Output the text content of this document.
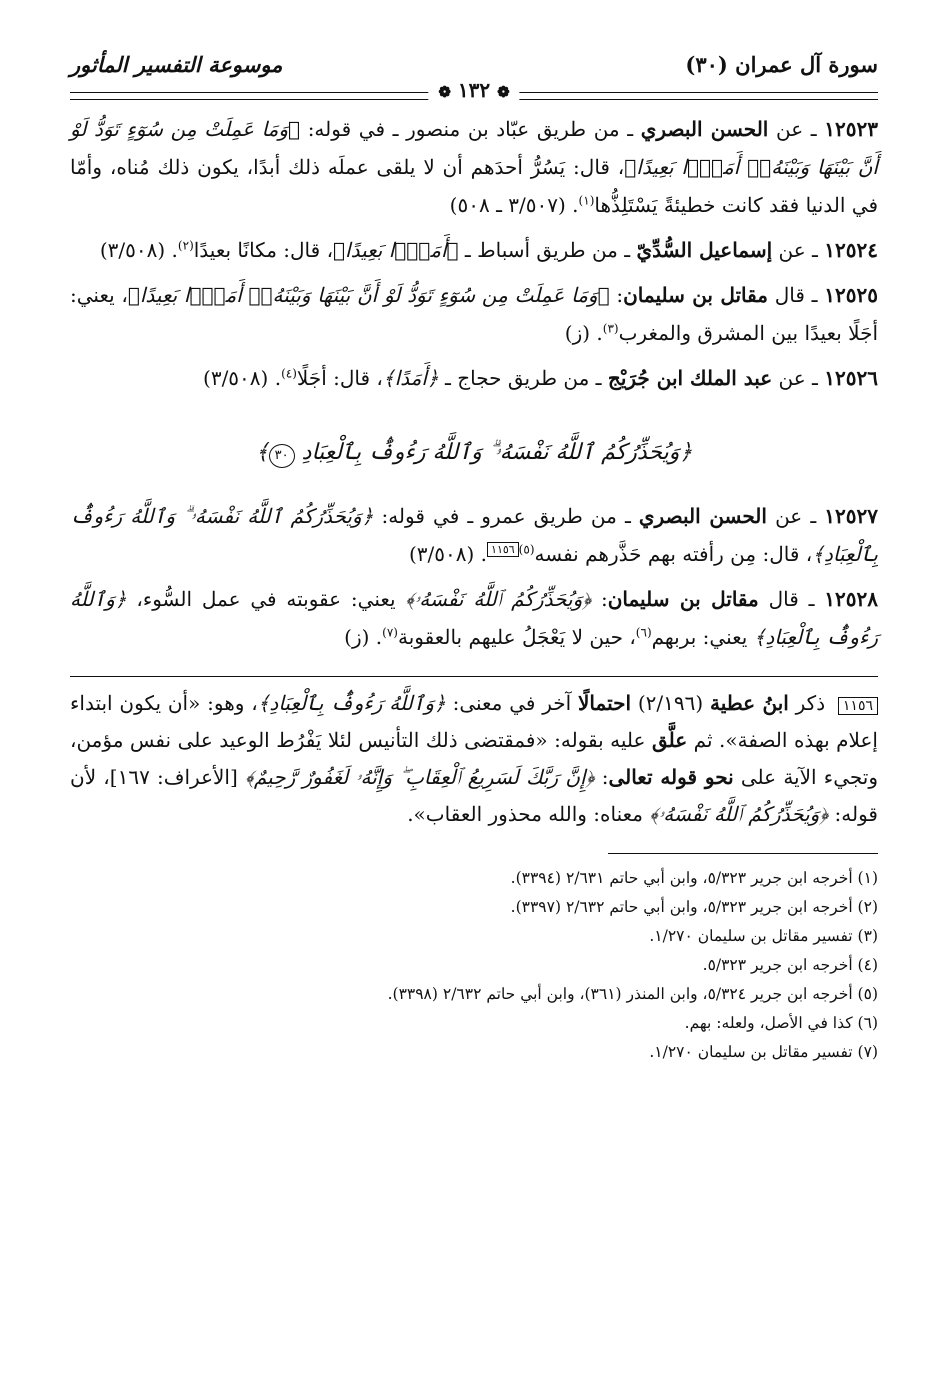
سورة آل عمران (٣٠)
موسوعة التفسير المأثور
❁ ١٣٢ ❁

١٢٥٢٣ ـ عن الحسن البصري ـ من طريق عبّاد بن منصور ـ في قوله: ﴿وَمَا عَمِلَتْ مِن سُوٓءٍ تَوَدُّ لَوْ أَنَّ بَيْنَهَا وَبَيْنَهُۥٓ أَمَدًۢا بَعِيدًا﴾، قال: يَسُرُّ أحدَهم أن لا يلقى عملَه ذلك أبدًا، يكون ذلك مُناه، وأمّا في الدنيا فقد كانت خطيئةً يَسْتَلِذُّها$^{(١)}$. (٣/٥٠٧ ـ ٥٠٨)

١٢٥٢٤ ـ عن إسماعيل السُّدِّيّ ـ من طريق أسباط ـ ﴿أَمَدًۢا بَعِيدًا﴾، قال: مكانًا بعيدًا$^{(٢)}$. (٣/٥٠٨)

١٢٥٢٥ ـ قال مقاتل بن سليمان: ﴿وَمَا عَمِلَتْ مِن سُوٓءٍ تَوَدُّ لَوْ أَنَّ بَيْنَهَا وَبَيْنَهُۥٓ أَمَدًۢا بَعِيدًا﴾، يعني: أجَلًا بعيدًا بين المشرق والمغرب$^{(٣)}$. (ز)

١٢٥٢٦ ـ عن عبد الملك ابن جُرَيْج ـ من طريق حجاج ـ ﴿أَمَدًا﴾، قال: أجَلًا$^{(٤)}$. (٣/٥٠٨)

﴿وَيُحَذِّرُكُمُ ٱللَّهُ نَفْسَهُۥ ۗ وَٱللَّهُ رَءُوفٌۢ بِٱلْعِبَادِ ٣٠﴾

١٢٥٢٧ ـ عن الحسن البصري ـ من طريق عمرو ـ في قوله: ﴿وَيُحَذِّرُكُمُ ٱللَّهُ نَفْسَهُۥ ۗ وَٱللَّهُ رَءُوفٌۢ بِٱلْعِبَادِ﴾، قال: مِن رأفته بهم حَذَّرهم نفسه$^{(٥)}$١١٥٦. (٣/٥٠٨)

١٢٥٢٨ ـ قال مقاتل بن سليمان: ﴿وَيُحَذِّرُكُمُ ٱللَّهُ نَفْسَهُۥ﴾ يعني: عقوبته في عمل السُّوء، ﴿وَٱللَّهُ رَءُوفٌۢ بِٱلْعِبَادِ﴾ يعني: بربهم$^{(٦)}$، حين لا يَعْجَلُ عليهم بالعقوبة$^{(٧)}$. (ز)

١١٥٦ ذكر ابنُ عطية (٢/١٩٦) احتمالًا آخر في معنى: ﴿وَٱللَّهُ رَءُوفٌۢ بِٱلْعِبَادِ﴾، وهو: «أن يكون ابتداء إعلام بهذه الصفة». ثم علَّق عليه بقوله: «فمقتضى ذلك التأنيس لئلا يَفْرُط الوعيد على نفس مؤمن، وتجيء الآية على نحو قوله تعالى: ﴿إِنَّ رَبَّكَ لَسَرِيعُ ٱلْعِقَابِ ۖ وَإِنَّهُۥ لَغَفُورٌ رَّحِيمٌ﴾ [الأعراف: ١٦٧]، لأن قوله: ﴿وَيُحَذِّرُكُمُ ٱللَّهُ نَفْسَهُۥ﴾ معناه: والله محذور العقاب».

(١) أخرجه ابن جرير ٥/٣٢٣، وابن أبي حاتم ٢/٦٣١ (٣٣٩٤).
(٢) أخرجه ابن جرير ٥/٣٢٣، وابن أبي حاتم ٢/٦٣٢ (٣٣٩٧).
(٣) تفسير مقاتل بن سليمان ١/٢٧٠.
(٤) أخرجه ابن جرير ٥/٣٢٣.
(٥) أخرجه ابن جرير ٥/٣٢٤، وابن المنذر (٣٦١)، وابن أبي حاتم ٢/٦٣٢ (٣٣٩٨).
(٦) كذا في الأصل، ولعله: بهم.
(٧) تفسير مقاتل بن سليمان ١/٢٧٠.
